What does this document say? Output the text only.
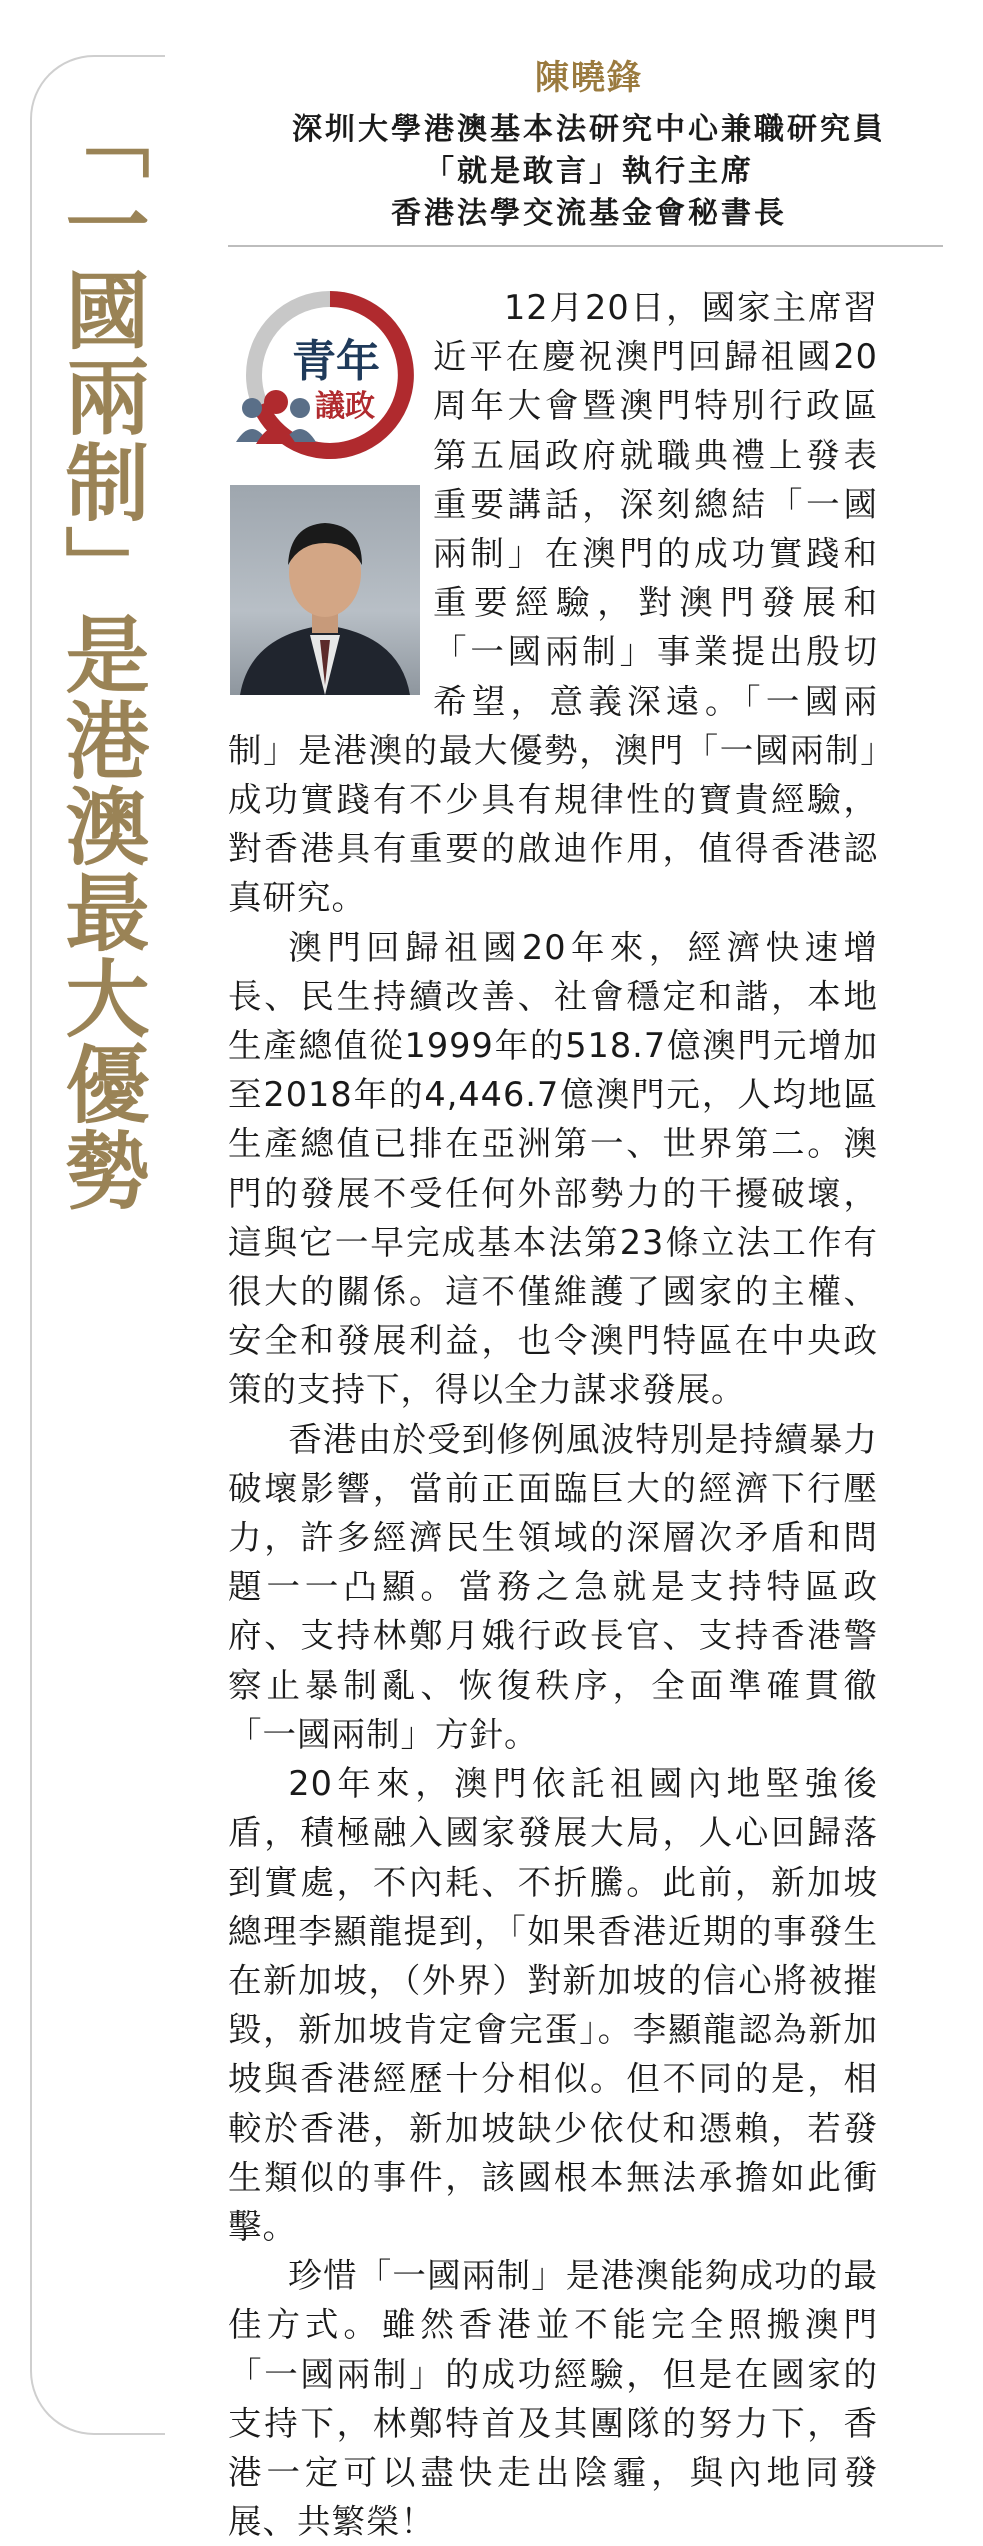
「一國兩制」是港澳最大優勢
陳曉鋒
深圳大學港澳基本法研究中心兼職研究員
「就是敢言」執行主席
香港法學交流基金會秘書長
青年
議政

　　12月20日，國家主席習近平在慶祝澳門回歸祖國20周年大會暨澳門特別行政區第五屆政府就職典禮上發表重要講話，深刻總結「一國兩制」在澳門的成功實踐和重要經驗，對澳門發展和「一國兩制」事業提出殷切希望，意義深遠。「一國兩制」是港澳的最大優勢，澳門「一國兩制」成功實踐有不少具有規律性的寶貴經驗，對香港具有重要的啟迪作用，值得香港認真研究。

澳門回歸祖國20年來，經濟快速增長、民生持續改善、社會穩定和諧，本地生產總值從1999年的518.7億澳門元增加至2018年的4,446.7億澳門元，人均地區生產總值已排在亞洲第一、世界第二。澳門的發展不受任何外部勢力的干擾破壞，這與它一早完成基本法第23條立法工作有很大的關係。這不僅維護了國家的主權、安全和發展利益，也令澳門特區在中央政策的支持下，得以全力謀求發展。

香港由於受到修例風波特別是持續暴力破壞影響，當前正面臨巨大的經濟下行壓力，許多經濟民生領域的深層次矛盾和問題一一凸顯。當務之急就是支持特區政府、支持林鄭月娥行政長官、支持香港警察止暴制亂、恢復秩序，全面準確貫徹「一國兩制」方針。

20年來，澳門依託祖國內地堅強後盾，積極融入國家發展大局，人心回歸落到實處，不內耗、不折騰。此前，新加坡總理李顯龍提到，「如果香港近期的事發生在新加坡，（外界）對新加坡的信心將被摧毀，新加坡肯定會完蛋」。李顯龍認為新加坡與香港經歷十分相似。但不同的是，相較於香港，新加坡缺少依仗和憑賴，若發生類似的事件，該國根本無法承擔如此衝擊。

珍惜「一國兩制」是港澳能夠成功的最佳方式。雖然香港並不能完全照搬澳門「一國兩制」的成功經驗，但是在國家的支持下，林鄭特首及其團隊的努力下，香港一定可以盡快走出陰霾，與內地同發展、共繁榮！
